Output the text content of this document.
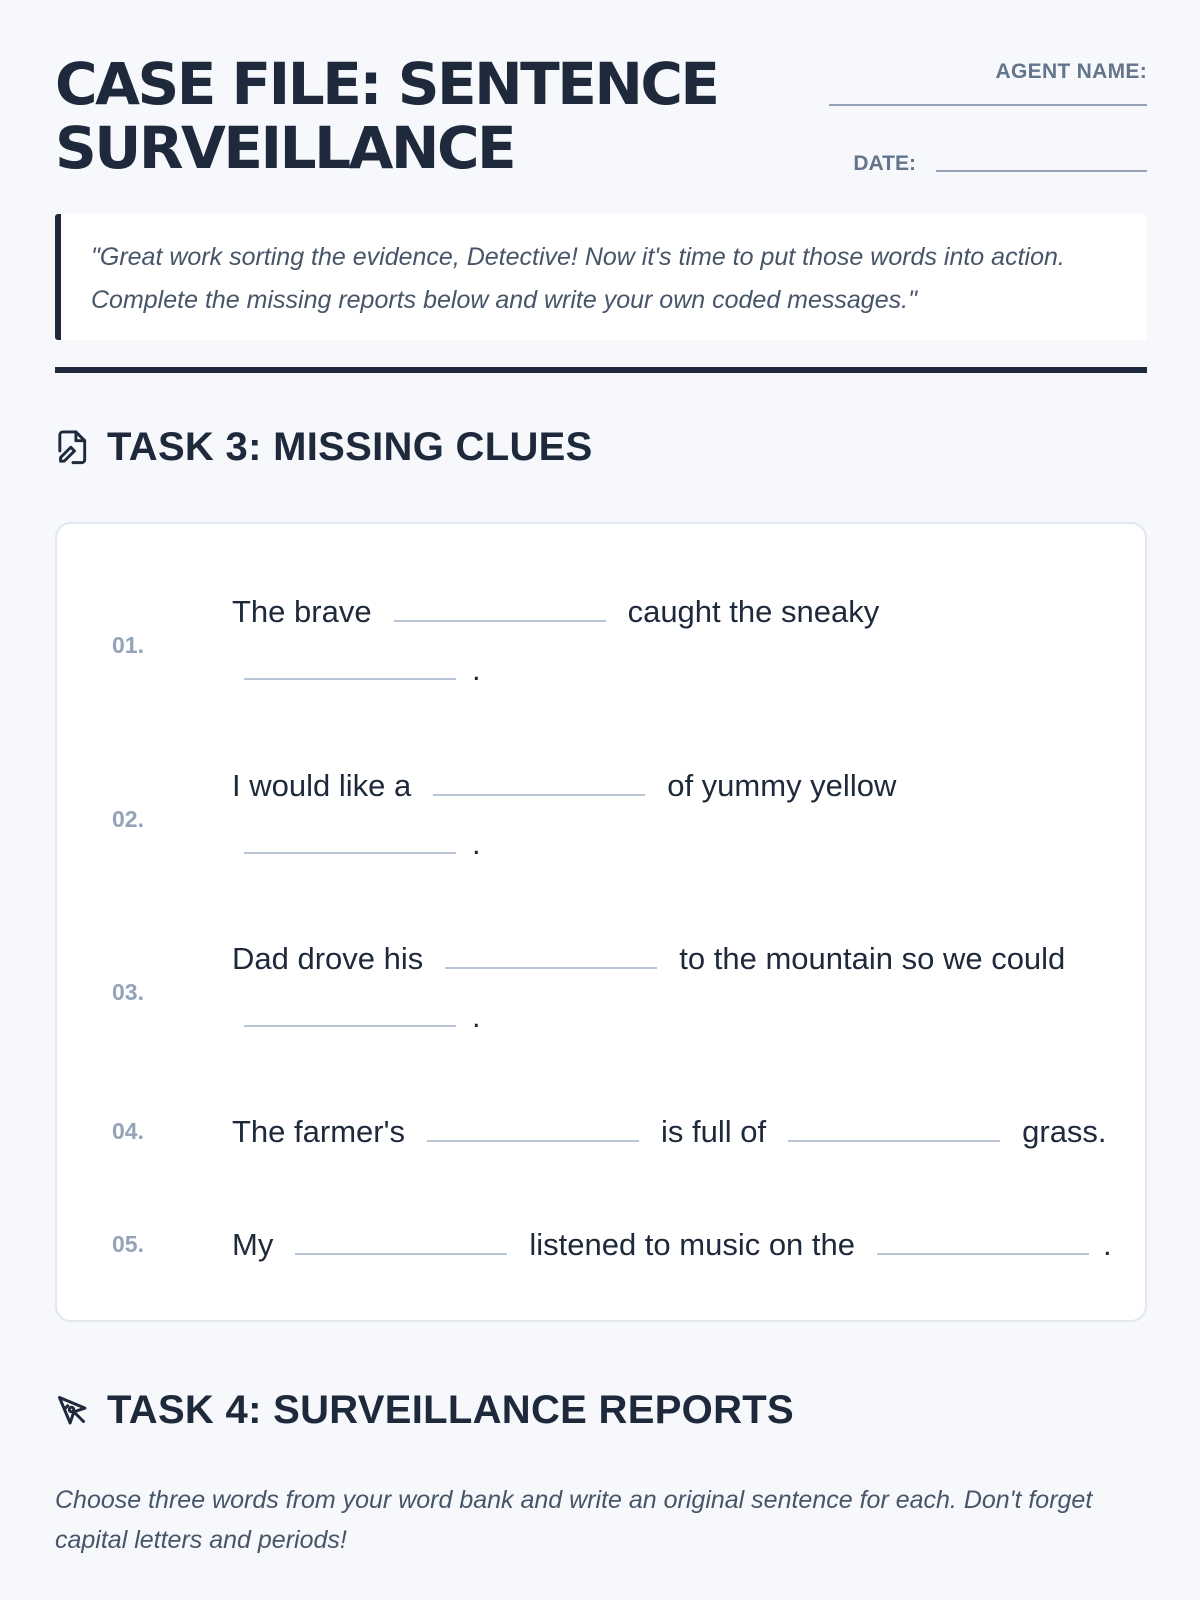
CASE FILE: SENTENCE SURVEILLANCE
AGENT NAME:
DATE:
"Great work sorting the evidence, Detective! Now it's time to put those words into action. Complete the missing reports below and write your own coded messages."
TASK 3: MISSING CLUES
01.
The brave	caught the sneaky
.
02.
I would like a	of yummy yellow
.
03.
Dad drove his	to the mountain so we could
.
04.	The farmer's	is full of	grass.
05.	My	listened to music on the	.
TASK 4: SURVEILLANCE REPORTS
Choose three words from your word bank and write an original sentence for each. Don't forget capital letters and periods!
